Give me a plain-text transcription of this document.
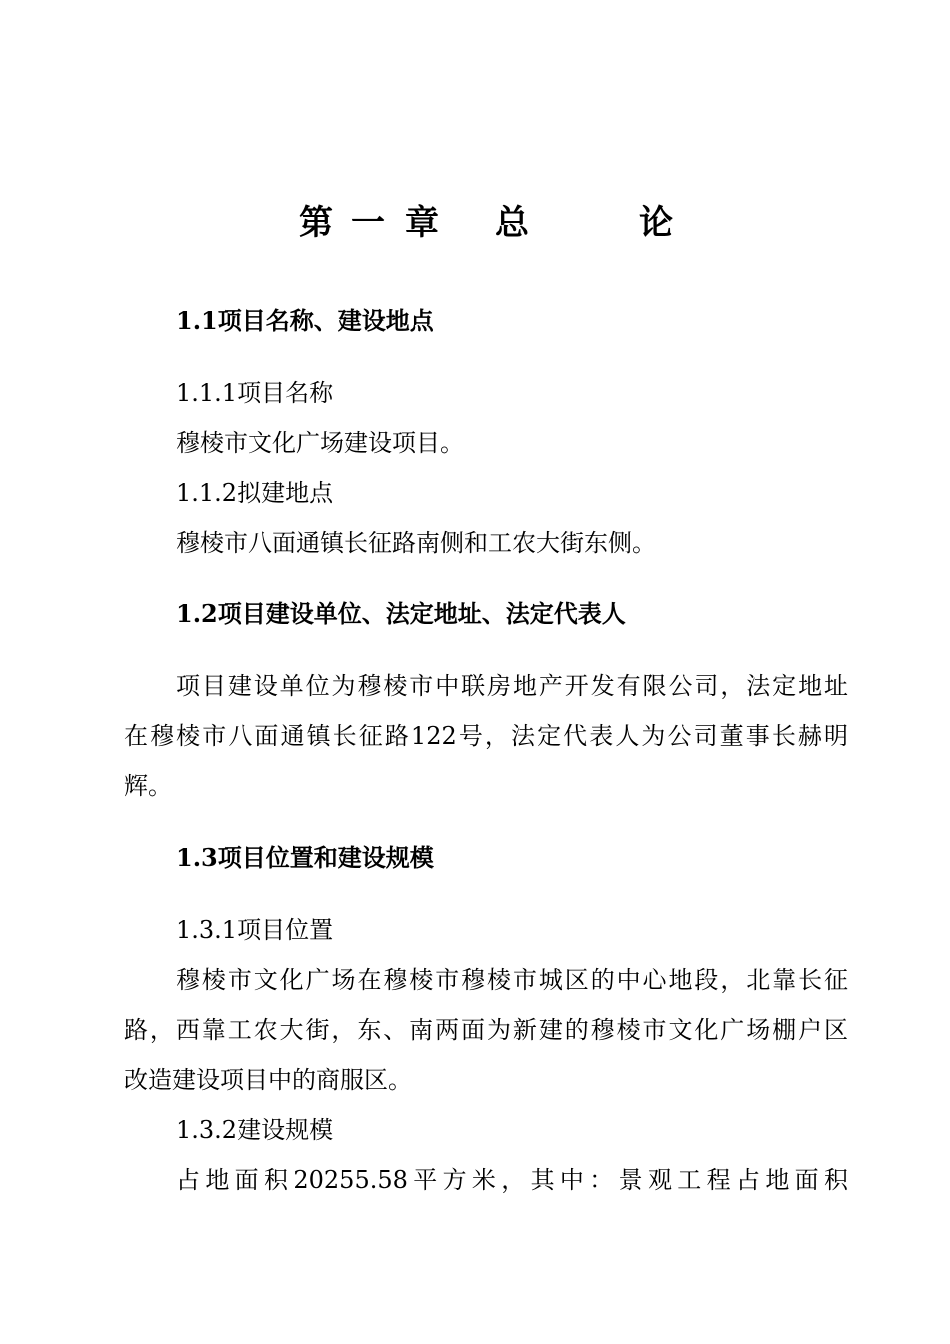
第 一 章 总	论
1.1项目名称、建设地点
1.1.1项目名称
穆棱市文化广场建设项目。
1.1.2拟建地点
穆棱市八面通镇长征路南侧和工农大街东侧。
1.2项目建设单位、法定地址、法定代表人
项目建设单位为穆棱市中联房地产开发有限公司，法定地址
在穆棱市八面通镇长征路122号，法定代表人为公司董事长赫明
辉。
1.3项目位置和建设规模
1.3.1项目位置
穆棱市文化广场在穆棱市穆棱市城区的中心地段，北靠长征
路，西靠工农大街，东、南两面为新建的穆棱市文化广场棚户区
改造建设项目中的商服区。
1.3.2建设规模
占地面积20255.58平方米，其中：景观工程占地面积
